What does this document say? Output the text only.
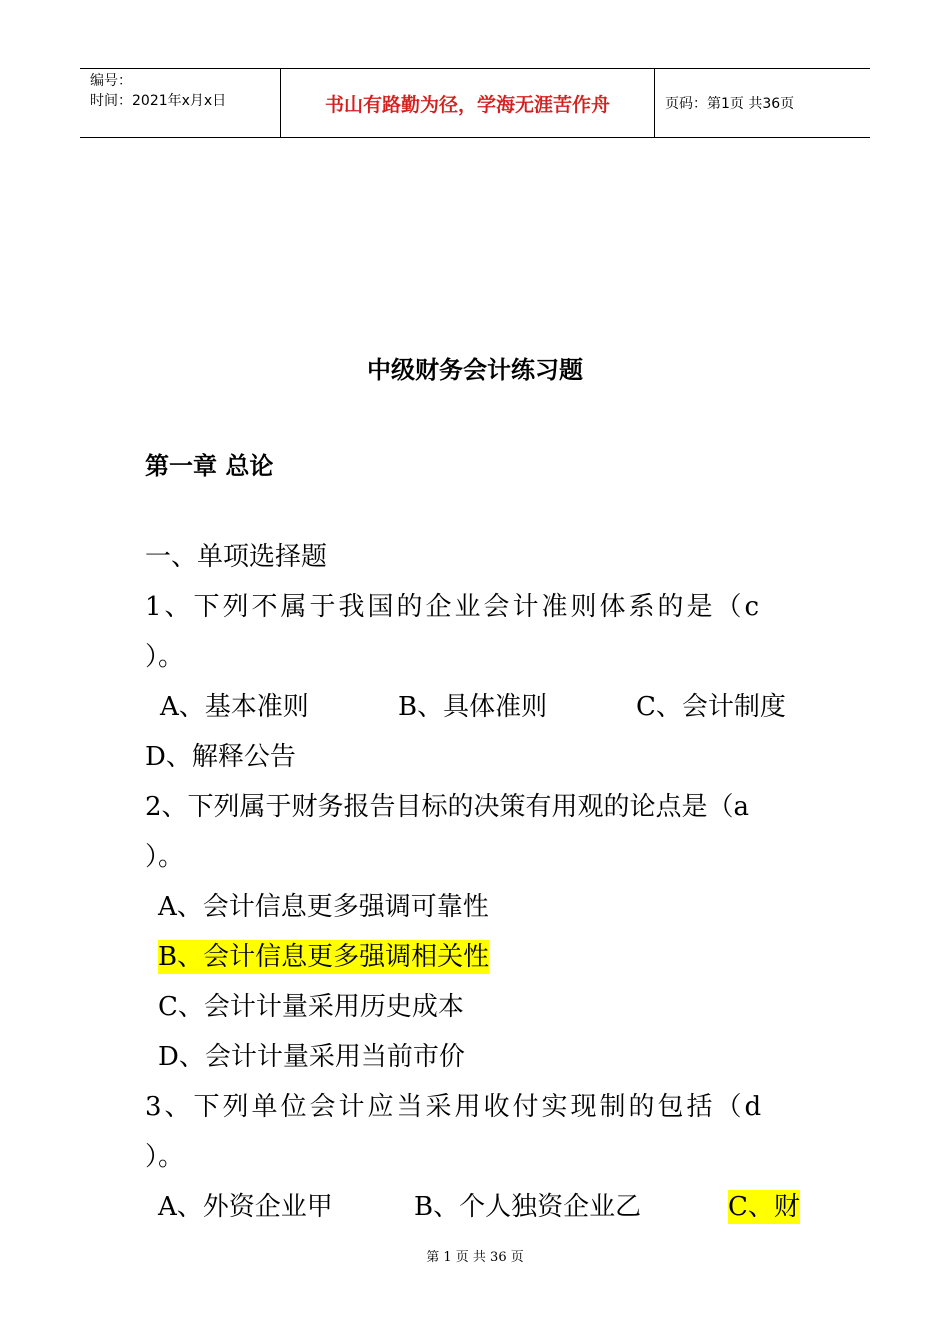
编号：
时间：2021年x月x日	书山有路勤为径，学海无涯苦作舟	页码：第1页 共36页
中级财务会计练习题
第一章 总论
一、单项选择题
1、下列不属于我国的企业会计准则体系的是（c
）。
A、基本准则	B、具体准则	C、会计制度
D、解释公告
2、下列属于财务报告目标的决策有用观的论点是（a
）。
A、会计信息更多强调可靠性
B、会计信息更多强调相关性
C、会计计量采用历史成本
D、会计计量采用当前市价
3、下列单位会计应当采用收付实现制的包括（d
）。
A、外资企业甲	B、个人独资企业乙	C、财
第 1 页 共 36 页
